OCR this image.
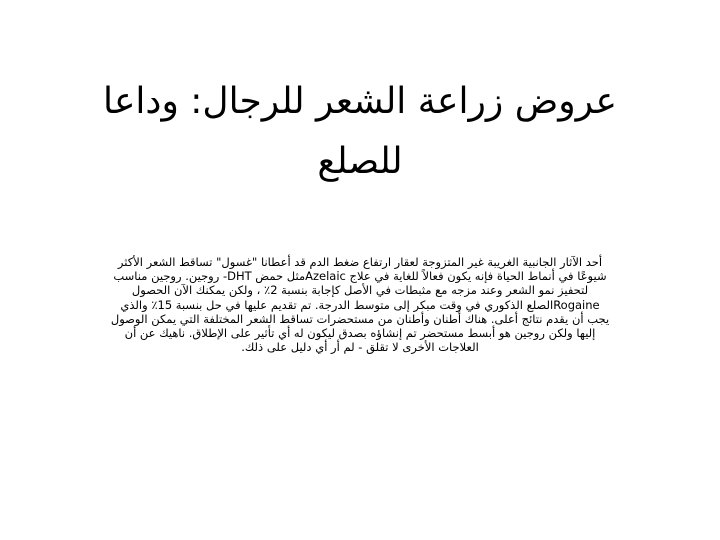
عروض زراعة الشعر للرجال: وداعا للصلع

أحد الآثار الجانبية الغريبة غير المتزوجة لعقار ارتفاع ضغط الدم قد أعطانا "غسول" تساقط الشعر الأكثر شيوعًا في أنماط الحياة فإنه يكون فعالاً للغاية في علاج Azelaicمثل حمض DHT- روجين. روجين مناسب لتحفيز نمو الشعر وعند مزجه مع مثبطات في الأصل كإجابة بنسبة 2٪ ، ولكن يمكنك الآن الحصول Rogaineالصلع الذكوري في وقت مبكر إلى متوسط الدرجة. تم تقديم عليها في حل بنسبة 15٪ والذي يجب أن يقدم نتائج أعلى. هناك أطنان وأطنان من مستحضرات تساقط الشعر المختلفة التي يمكن الوصول إليها ولكن روجين هو أبسط مستحضر تم إنشاؤه بصدق ليكون له أي تأثير على الإطلاق. ناهيك عن أن العلاجات الأخرى لا تقلق - لم أر أي دليل على ذلك.
